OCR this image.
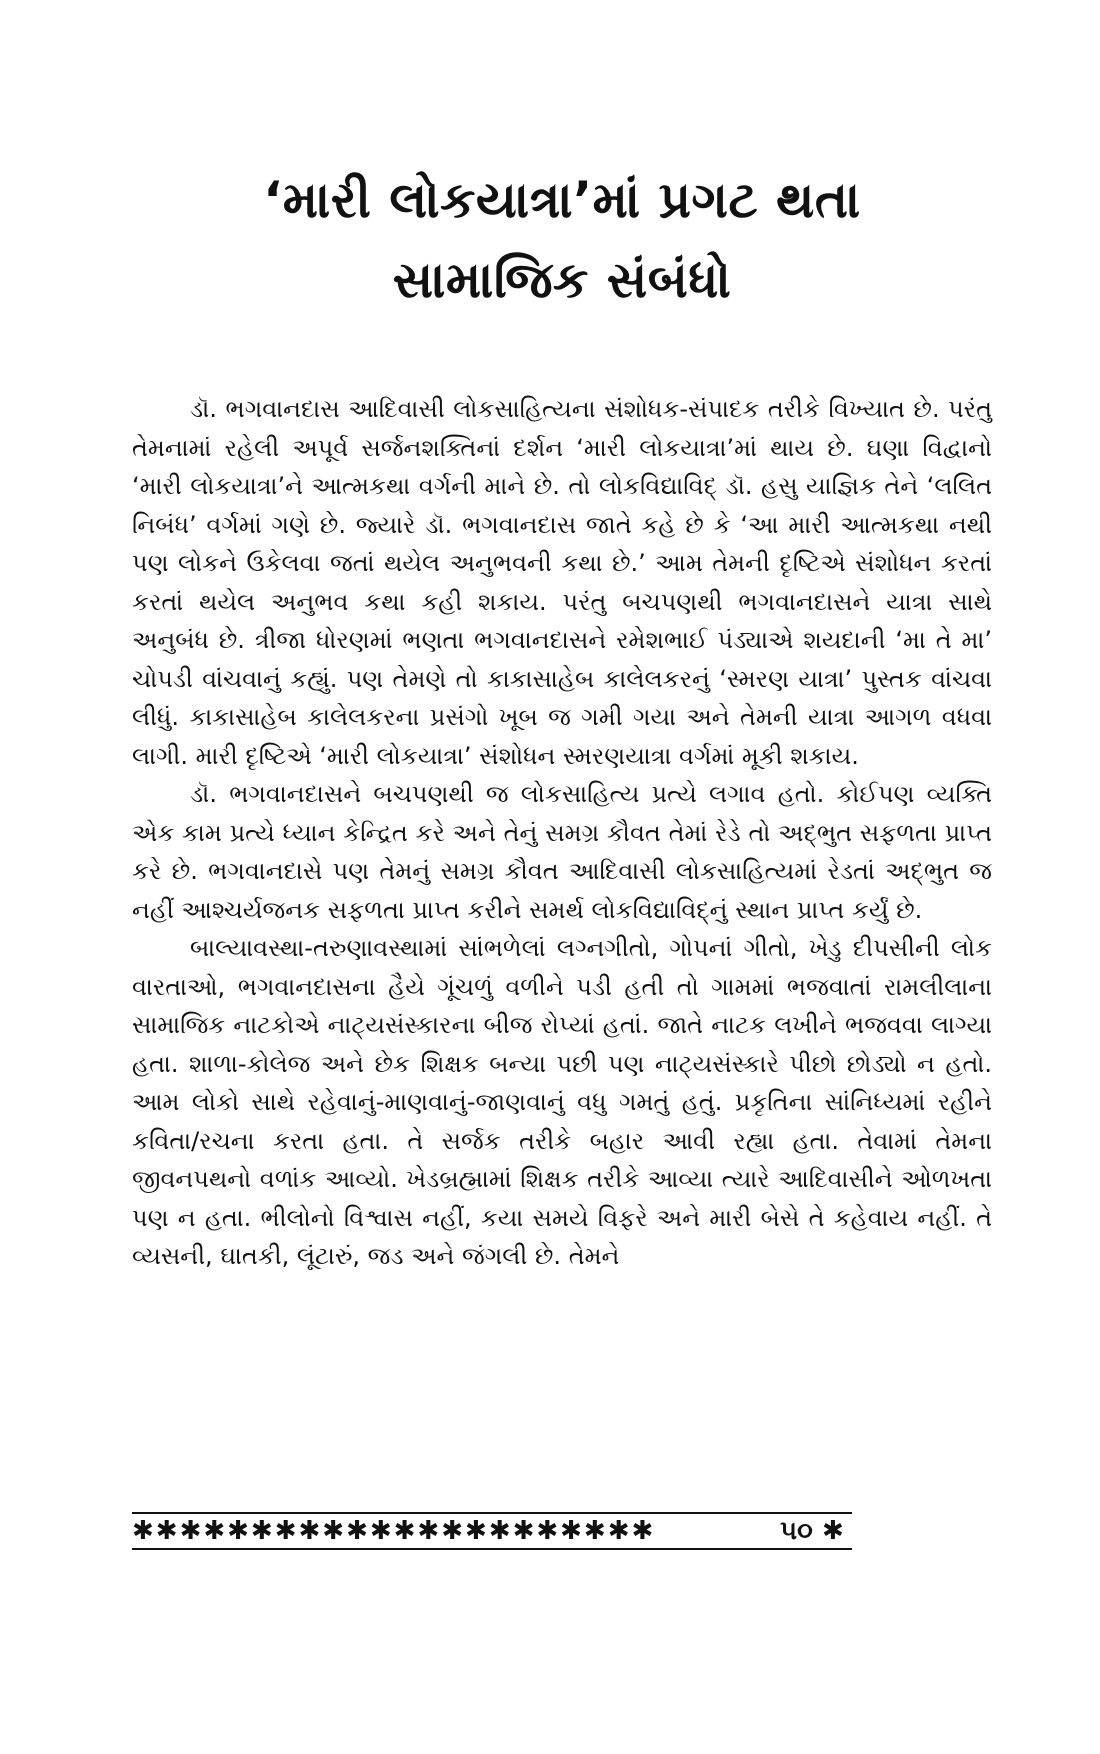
‘મારી લોકયાત્રા’માં પ્રગટ થતા
સામાજિક સંબંધો

ડૉ. ભગવાનદાસ આદિવાસી લોકસાહિત્યના સંશોધક-સંપાદક તરીકે વિખ્યાત છે. પરંતુ તેમનામાં રહેલી અપૂર્વ સર્જનશક્તિનાં દર્શન ‘મારી લોકયાત્રા’માં થાય છે. ઘણા વિદ્વાનો ‘મારી લોકયાત્રા’ને આત્મકથા વર્ગની માને છે. તો લોકવિદ્યાવિદ્ ડૉ. હસુ યાજ્ઞિક તેને ‘લલિત નિબંધ’ વર્ગમાં ગણે છે. જ્યારે ડૉ. ભગવાનદાસ જાતે કહે છે કે ‘આ મારી આત્મકથા નથી પણ લોકને ઉકેલવા જતાં થયેલ અનુભવની કથા છે.’ આમ તેમની દૃષ્ટિએ સંશોધન કરતાં કરતાં થયેલ અનુભવ કથા કહી શકાય. પરંતુ બચપણથી ભગવાનદાસને યાત્રા સાથે અનુબંધ છે. ત્રીજા ધોરણમાં ભણતા ભગવાનદાસને રમેશભાઈ પંડ્યાએ શયદાની ‘મા તે મા’ ચોપડી વાંચવાનું કહ્યું. પણ તેમણે તો કાકાસાહેબ કાલેલકરનું ‘સ્મરણ યાત્રા’ પુસ્તક વાંચવા લીધું. કાકાસાહેબ કાલેલકરના પ્રસંગો ખૂબ જ ગમી ગયા અને તેમની યાત્રા આગળ વધવા લાગી. મારી દૃષ્ટિએ ‘મારી લોકયાત્રા’ સંશોધન સ્મરણયાત્રા વર્ગમાં મૂકી શકાય.

ડૉ. ભગવાનદાસને બચપણથી જ લોકસાહિત્ય પ્રત્યે લગાવ હતો. કોઈપણ વ્યક્તિ એક કામ પ્રત્યે ધ્યાન કેન્દ્રિત કરે અને તેનું સમગ્ર કૌવત તેમાં રેડે તો અદ્ભુત સફળતા પ્રાપ્ત કરે છે. ભગવાનદાસે પણ તેમનું સમગ્ર કૌવત આદિવાસી લોકસાહિત્યમાં રેડતાં અદ્ભુત જ નહીં આશ્ચર્યજનક સફળતા પ્રાપ્ત કરીને સમર્થ લોકવિદ્યાવિદ્નું સ્થાન પ્રાપ્ત કર્યું છે.

બાલ્યાવસ્થા-તરુણાવસ્થામાં સાંભળેલાં લગ્નગીતો, ગોપનાં ગીતો, ખેડુ દીપસીની લોક વારતાઓ, ભગવાનદાસના હૈયે ગૂંચળું વળીને પડી હતી તો ગામમાં ભજવાતાં રામલીલાના સામાજિક નાટકોએ નાટ્યસંસ્કારના બીજ રોપ્યાં હતાં. જાતે નાટક લખીને ભજવવા લાગ્યા હતા. શાળા-કોલેજ અને છેક શિક્ષક બન્યા પછી પણ નાટ્યસંસ્કારે પીછો છોડ્યો ન હતો. આમ લોકો સાથે રહેવાનું-માણવાનું-જાણવાનું વધુ ગમતું હતું. પ્રકૃતિના સાંનિધ્યમાં રહીને કવિતા/રચના કરતા હતા. તે સર્જક તરીકે બહાર આવી રહ્યા હતા. તેવામાં તેમના જીવનપથનો વળાંક આવ્યો. ખેડબ્રહ્મામાં શિક્ષક તરીકે આવ્યા ત્યારે આદિવાસીને ઓળખતા પણ ન હતા. ભીલોનો વિશ્વાસ નહીં, કયા સમયે વિફરે અને મારી બેસે તે કહેવાય નહીં. તે વ્યસની, ઘાતકી, લૂંટારું, જડ અને જંગલી છે. તેમને

✱✱✱✱✱✱✱✱✱✱✱✱✱✱✱✱✱✱✱✱✱✱	૫૦ ✱
